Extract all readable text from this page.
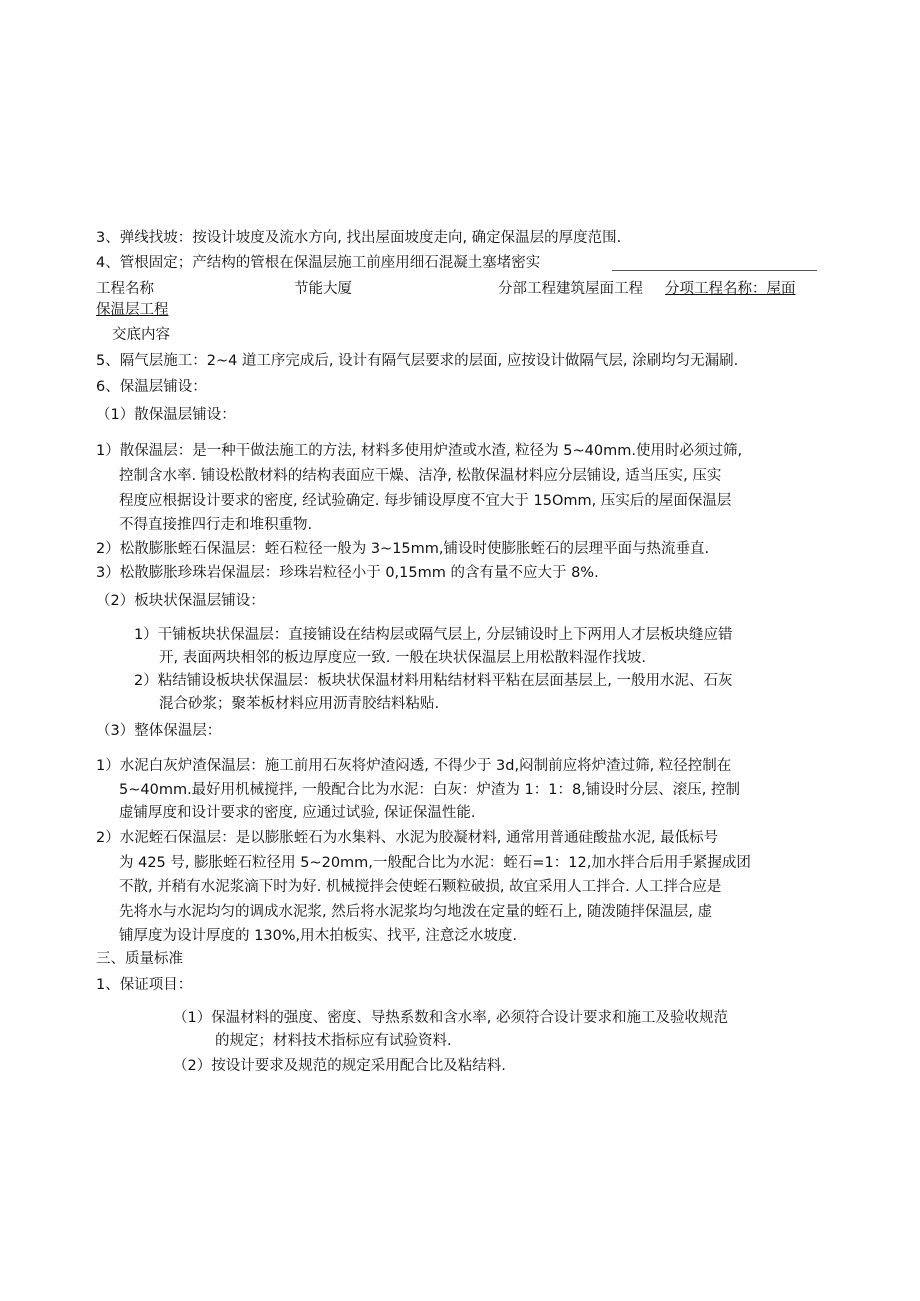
3、弹线找坡：按设计坡度及流水方向, 找出屋面坡度走向, 确定保温层的厚度范围.
4、管根固定；产结构的管根在保温层施工前座用细石混凝土塞堵密实
工程名称	节能大厦	分部工程建筑屋面工程 分项工程名称：屋面
保温层工程
交底内容
5、隔气层施工：2~4 道工序完成后, 设计有隔气层要求的层面, 应按设计做隔气层, 涂刷均匀无漏刷.
6、保温层铺设：
（1）散保温层铺设：
1）散保温层：是一种干做法施工的方法, 材料多使用炉渣或水渣, 粒径为 5~40mm.使用时必须过筛,
控制含水率. 铺设松散材料的结构表面应干燥、洁净, 松散保温材料应分层铺设, 适当压实, 压实
程度应根据设计要求的密度, 经试验确定. 每步铺设厚度不宜大于 15Omm, 压实后的屋面保温层
不得直接推四行走和堆积重物.
2）松散膨胀蛭石保温层：蛭石粒径一般为 3~15mm,铺设时使膨胀蛭石的层理平面与热流垂直.
3）松散膨胀珍珠岩保温层：珍珠岩粒径小于 0,15mm 的含有量不应大于 8%.
（2）板块状保温层铺设：
1）干铺板块状保温层：直接铺设在结构层或隔气层上, 分层铺设时上下两用人才层板块缝应错
开, 表面两块相邻的板边厚度应一致. 一般在块状保温层上用松散料湿作找坡.
2）粘结铺设板块状保温层：板块状保温材料用粘结材料平粘在层面基层上, 一般用水泥、石灰
混合砂浆；聚苯板材料应用沥青胶结料粘贴.
（3）整体保温层：
1）水泥白灰炉渣保温层：施工前用石灰将炉渣闷透, 不得少于 3d,闷制前应将炉渣过筛, 粒径控制在
5~40mm.最好用机械搅拌, 一般配合比为水泥：白灰：炉渣为 1：1：8,铺设时分层、滚压, 控制
虚铺厚度和设计要求的密度, 应通过试验, 保证保温性能.
2）水泥蛭石保温层：是以膨胀蛭石为水集料、水泥为胶凝材料, 通常用普通硅酸盐水泥, 最低标号
为 425 号, 膨胀蛭石粒径用 5~20mm,一般配合比为水泥：蛭石=1：12,加水拌合后用手紧握成团
不散, 并稍有水泥浆滴下时为好. 机械搅拌会使蛭石颗粒破损, 故宜采用人工拌合. 人工拌合应是
先将水与水泥均匀的调成水泥浆, 然后将水泥浆均匀地泼在定量的蛭石上, 随泼随拌保温层, 虚
铺厚度为设计厚度的 130%,用木拍板实、找平, 注意泛水坡度.
三、质量标准
1、保证项目：
（1）保温材料的强度、密度、导热系数和含水率, 必须符合设计要求和施工及验收规范
的规定；材料技术指标应有试验资料.
（2）按设计要求及规范的规定采用配合比及粘结料.
